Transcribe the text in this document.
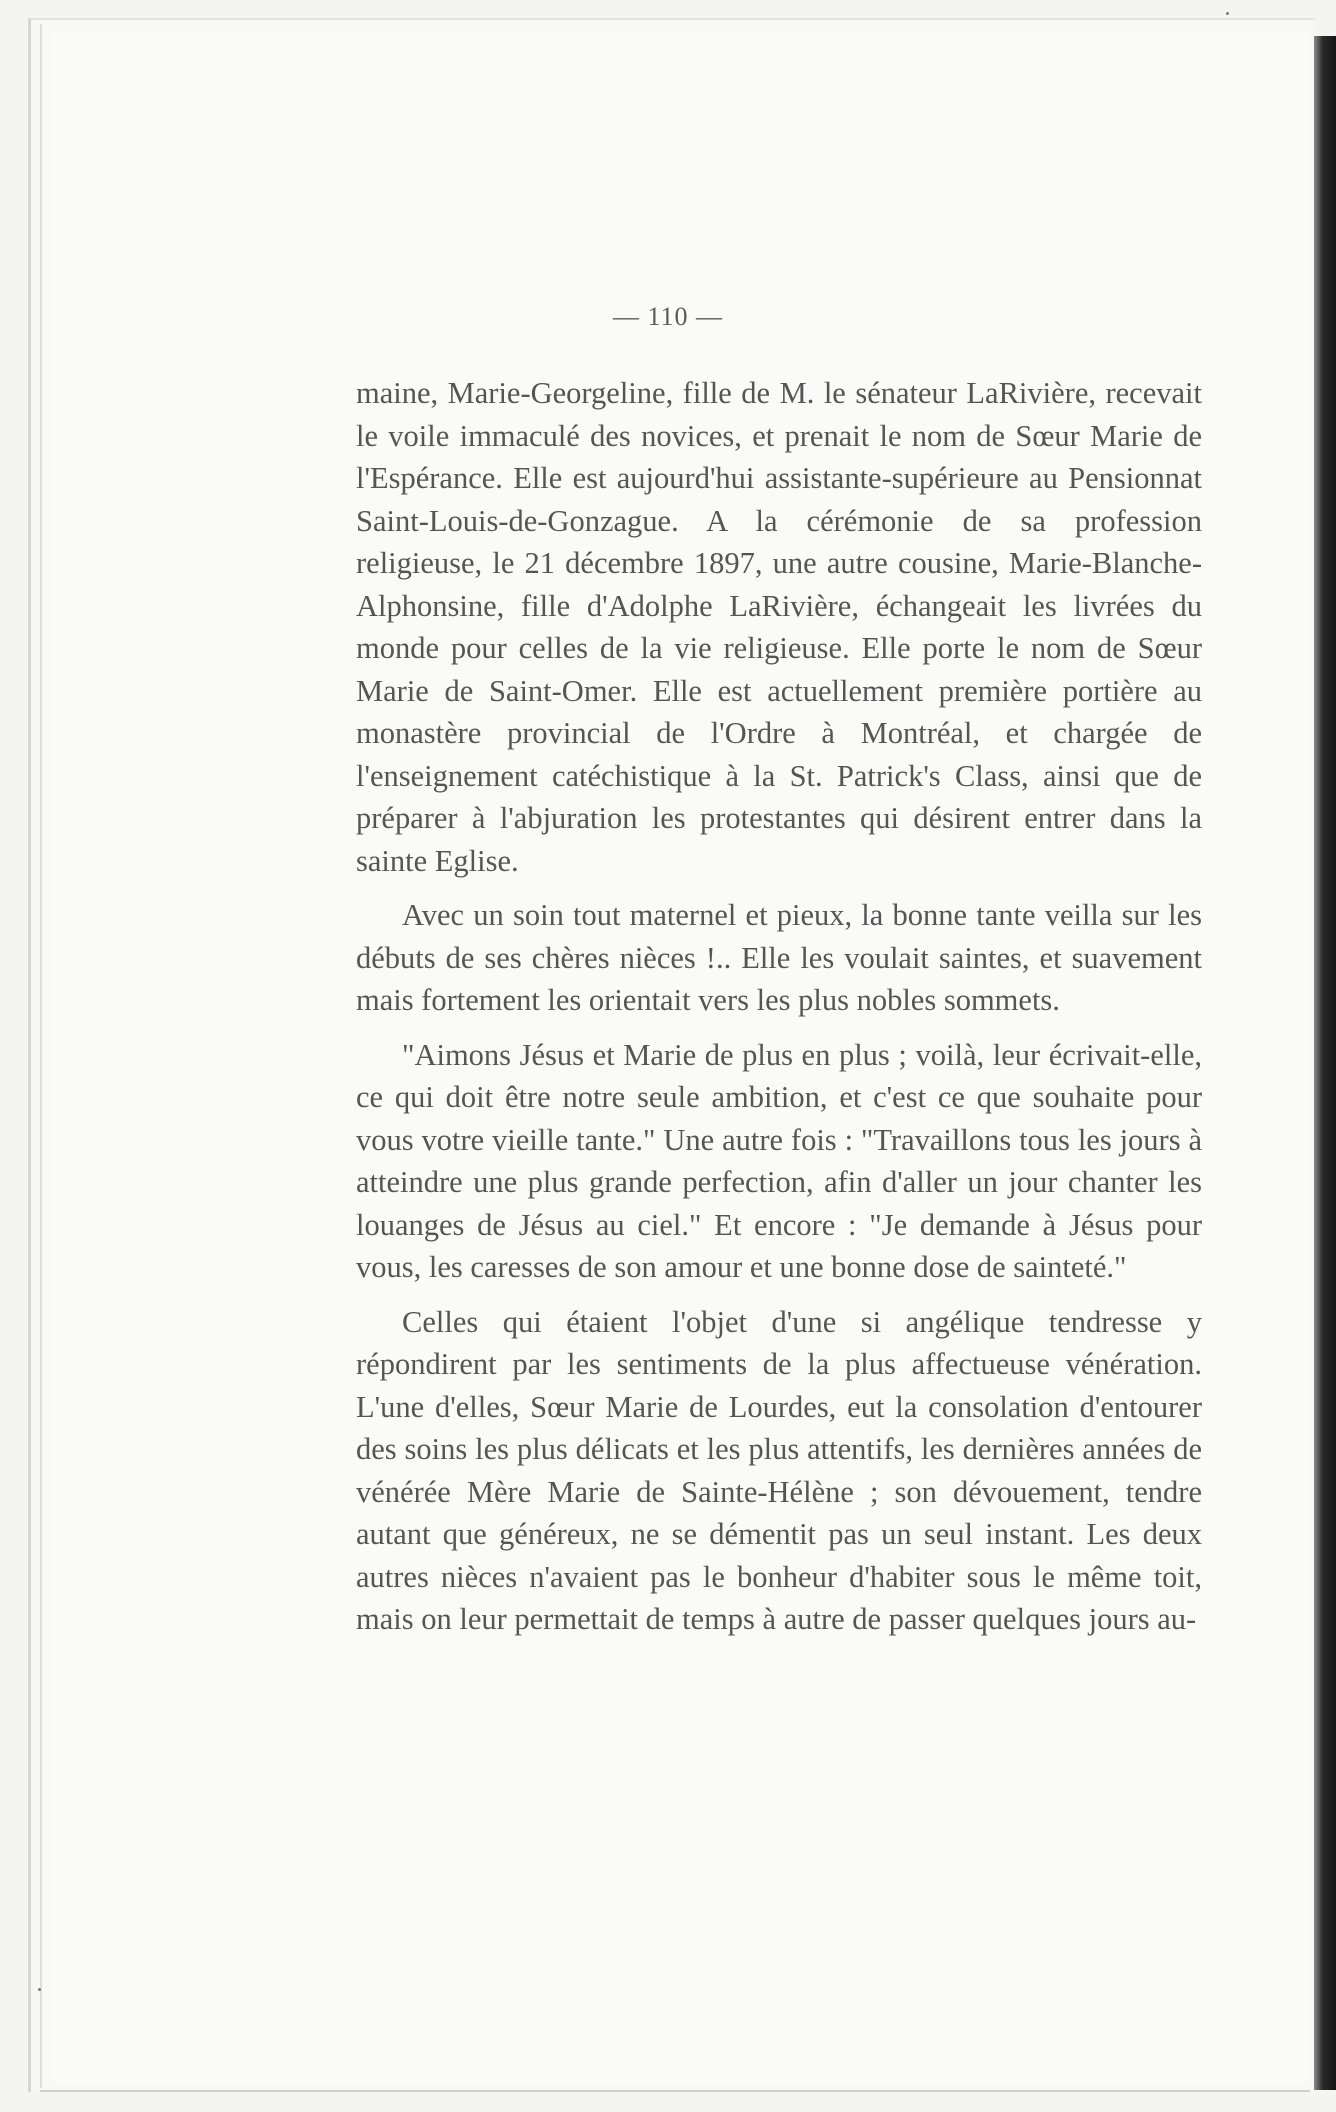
— 110 —

maine, Marie-Georgeline, fille de M. le sénateur LaRivière, recevait le voile immaculé des novices, et prenait le nom de Sœur Marie de l'Espérance. Elle est aujourd'hui assistante-supérieure au Pensionnat Saint-Louis-de-Gonzague. A la cérémonie de sa profession religieuse, le 21 décembre 1897, une autre cousine, Marie-Blanche-Alphonsine, fille d'Adolphe LaRivière, échangeait les livrées du monde pour celles de la vie religieuse. Elle porte le nom de Sœur Marie de Saint-Omer. Elle est actuellement première portière au monastère provincial de l'Ordre à Montréal, et chargée de l'enseignement catéchistique à la St. Patrick's Class, ainsi que de préparer à l'abjuration les protestantes qui désirent entrer dans la sainte Eglise.

Avec un soin tout maternel et pieux, la bonne tante veilla sur les débuts de ses chères nièces !.. Elle les voulait saintes, et suavement mais fortement les orientait vers les plus nobles sommets.

"Aimons Jésus et Marie de plus en plus ; voilà, leur écrivait-elle, ce qui doit être notre seule ambition, et c'est ce que souhaite pour vous votre vieille tante." Une autre fois : "Travaillons tous les jours à atteindre une plus grande perfection, afin d'aller un jour chanter les louanges de Jésus au ciel." Et encore : "Je demande à Jésus pour vous, les caresses de son amour et une bonne dose de sainteté."

Celles qui étaient l'objet d'une si angélique tendresse y répondirent par les sentiments de la plus affectueuse vénération. L'une d'elles, Sœur Marie de Lourdes, eut la consolation d'entourer des soins les plus délicats et les plus attentifs, les dernières années de vénérée Mère Marie de Sainte-Hélène ; son dévouement, tendre autant que généreux, ne se démentit pas un seul instant. Les deux autres nièces n'avaient pas le bonheur d'habiter sous le même toit, mais on leur permettait de temps à autre de passer quelques jours au-
